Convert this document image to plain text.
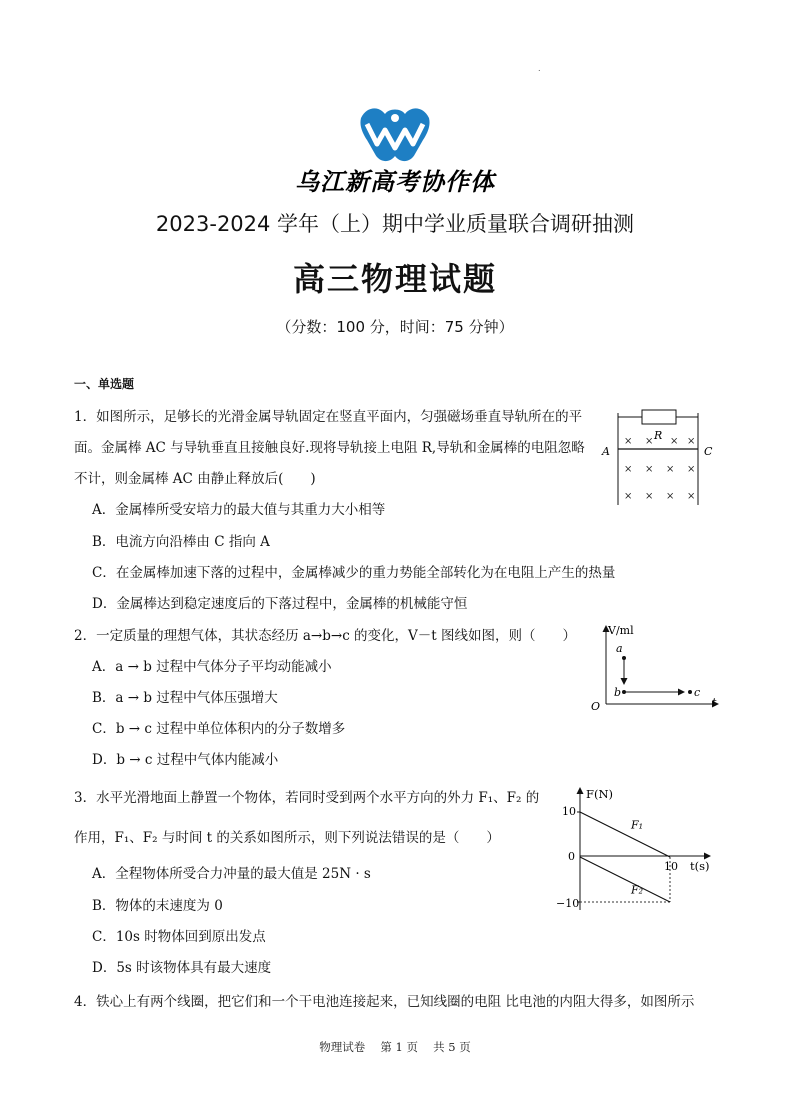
.
乌江新高考协作体
2023-2024 学年（上）期中学业质量联合调研抽测
高三物理试题
（分数：100 分，时间：75 分钟）
一、单选题
1．如图所示，足够长的光滑金属导轨固定在竖直平面内，匀强磁场垂直导轨所在的平
面。金属棒 AC 与导轨垂直且接触良好.现将导轨接上电阻 R,导轨和金属棒的电阻忽略
不计，则金属棒 AC 由静止释放后(　　)
A．金属棒所受安培力的最大值与其重力大小相等
B．电流方向沿棒由 C 指向 A
C．在金属棒加速下落的过程中，金属棒减少的重力势能全部转化为在电阻上产生的热量
D．金属棒达到稳定速度后的下落过程中，金属棒的机械能守恒
R
A	C
× × × ×
× × × ×
× × × ×
2．一定质量的理想气体，其状态经历 a→b→c 的变化，V－t 图线如图，则（　　）
A．a → b 过程中气体分子平均动能减小
B．a → b 过程中气体压强增大
C．b → c 过程中单位体积内的分子数增多
D．b → c 过程中气体内能减小
V/ml
t
O
a
b	c
3．水平光滑地面上静置一个物体，若同时受到两个水平方向的外力 F₁、F₂ 的
作用，F₁、F₂ 与时间 t 的关系如图所示，则下列说法错误的是（　　）
A．全程物体所受合力冲量的最大值是 25N · s
B．物体的末速度为 0
C．10s 时物体回到原出发点
D．5s 时该物体具有最大速度
F(N)
t(s)
10
0
−10
10
F₁
F₂
4．铁心上有两个线圈，把它们和一个干电池连接起来，已知线圈的电阻 比电池的内阻大得多，如图所示
物理试卷　 第 1 页　 共 5 页
